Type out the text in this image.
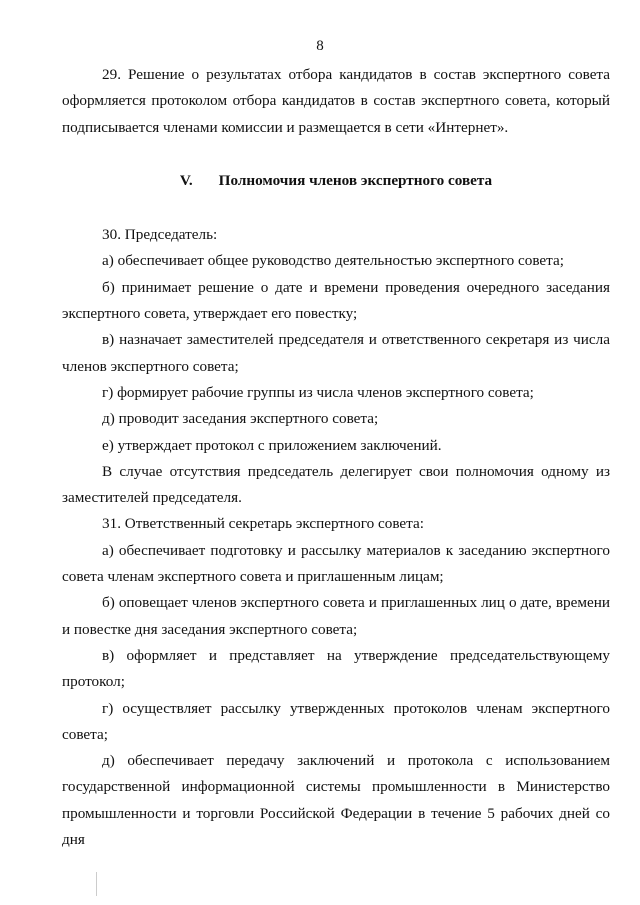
8

29. Решение о результатах отбора кандидатов в состав экспертного совета оформляется протоколом отбора кандидатов в состав экспертного совета, который подписывается членами комиссии и размещается в сети «Интернет».

V. Полномочия членов экспертного совета

30. Председатель:

а) обеспечивает общее руководство деятельностью экспертного совета;

б) принимает решение о дате и времени проведения очередного заседания экспертного совета, утверждает его повестку;

в) назначает заместителей председателя и ответственного секретаря из числа членов экспертного совета;

г) формирует рабочие группы из числа членов экспертного совета;

д) проводит заседания экспертного совета;

е) утверждает протокол с приложением заключений.

В случае отсутствия председатель делегирует свои полномочия одному из заместителей председателя.

31. Ответственный секретарь экспертного совета:

а) обеспечивает подготовку и рассылку материалов к заседанию экспертного совета членам экспертного совета и приглашенным лицам;

б) оповещает членов экспертного совета и приглашенных лиц о дате, времени и повестке дня заседания экспертного совета;

в) оформляет и представляет на утверждение председательствующему протокол;

г) осуществляет рассылку утвержденных протоколов членам экспертного совета;

д) обеспечивает передачу заключений и протокола с использованием государственной информационной системы промышленности в Министерство промышленности и торговли Российской Федерации в течение 5 рабочих дней со дня
